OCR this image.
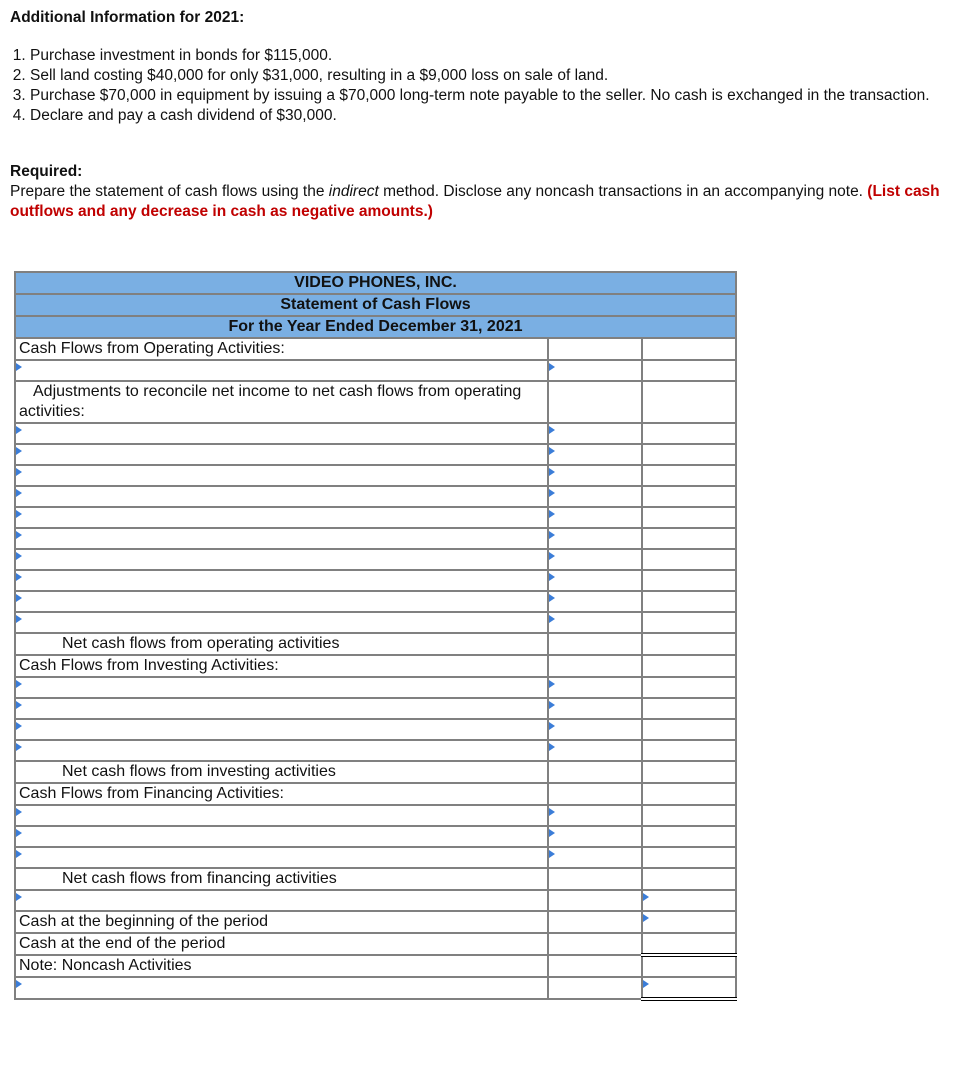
Additional Information for 2021:
1. Purchase investment in bonds for $115,000.
2. Sell land costing $40,000 for only $31,000, resulting in a $9,000 loss on sale of land.
3. Purchase $70,000 in equipment by issuing a $70,000 long-term note payable to the seller. No cash is exchanged in the transaction.
4. Declare and pay a cash dividend of $30,000.
Required:
Prepare the statement of cash flows using the indirect method. Disclose any noncash transactions in an accompanying note. (List cash outflows and any decrease in cash as negative amounts.)
VIDEO PHONES, INC.		
Statement of Cash Flows		
For the Year Ended December 31, 2021		
Cash Flows from Operating Activities:		

Adjustments to reconcile net income to net cash flows from operating activities:		

Net cash flows from operating activities		
Cash Flows from Investing Activities:		

Net cash flows from investing activities		
Cash Flows from Financing Activities:		

Net cash flows from financing activities		

Cash at the beginning of the period		
Cash at the end of the period		
Note: Noncash Activities		
